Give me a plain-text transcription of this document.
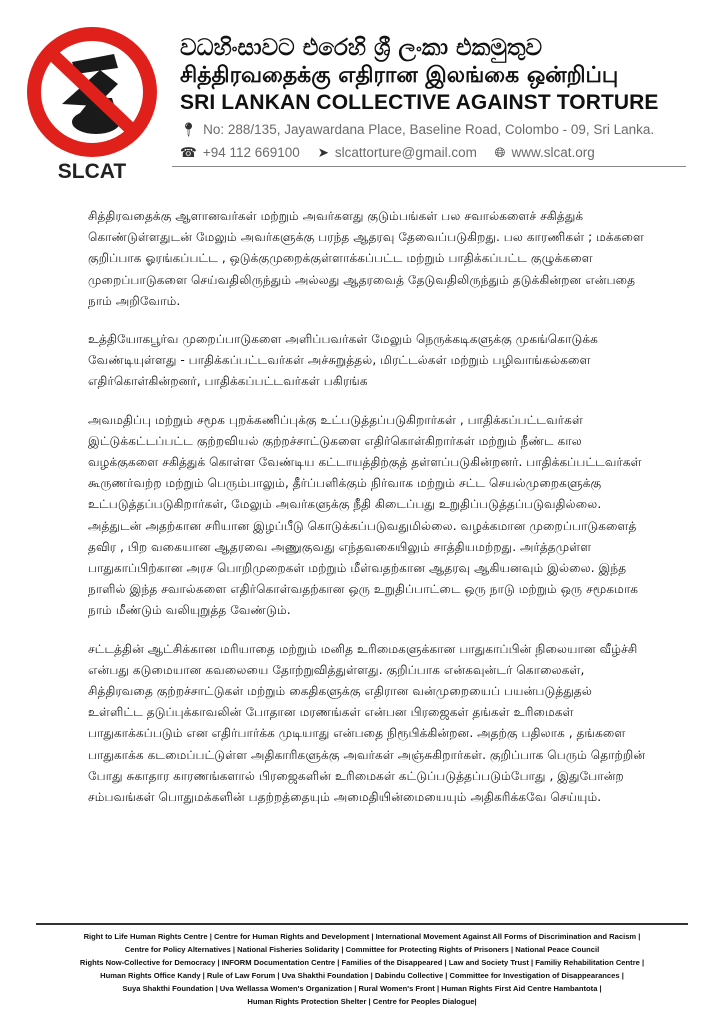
SLCAT
වධහිංසාවට එරෙහි ශ්‍රී ලංකා එකමුතුව
சித்திரவதைக்கு எதிரான இலங்கை ஒன்றிப்பு
SRI LANKAN COLLECTIVE AGAINST TORTURE
📍︎ No: 288/135, Jayawardana Place, Baseline Road, Colombo - 09, Sri Lanka.
☎ +94 112 669100 ➤ slcattorture@gmail.com 🌐︎ www.slcat.org

சித்திரவதைக்கு ஆளானவர்கள் மற்றும் அவர்களது குடும்பங்கள் பல சவால்களைச் சகித்துக் கொண்டுள்ளதுடன் மேலும் அவர்களுக்கு பரந்த ஆதரவு தேவைப்படுகிறது. பல காரணிகள் ; மக்களை குறிப்பாக ஓரங்கப்பட்ட , ஒடுக்குமுறைக்குள்ளாக்கப்பட்ட மற்றும் பாதிக்கப்பட்ட குழுக்களை முறைப்பாடுகளை செய்வதிலிருந்தும் அல்லது ஆதரவைத் தேடுவதிலிருந்தும் தடுக்கின்றன என்பதை நாம் அறிவோம்.

உத்தியோகபூர்வ முறைப்பாடுகளை அளிப்பவர்கள் மேலும் நெருக்கடிகளுக்கு முகங்கொடுக்க வேண்டியுள்ளது - பாதிக்கப்பட்டவர்கள் அச்சுறுத்தல், மிரட்டல்கள் மற்றும் பழிவாங்கல்களை எதிர்கொள்கின்றனர், பாதிக்கப்பட்டவர்கள் பகிரங்க

அவமதிப்பு மற்றும் சமூக புறக்கணிப்புக்கு உட்படுத்தப்படுகிறார்கள் , பாதிக்கப்பட்டவர்கள் இட்டுக்கட்டப்பட்ட குற்றவியல் குற்றச்சாட்டுகளை எதிர்கொள்கிறார்கள் மற்றும் நீண்ட கால வழக்குகளை சகித்துக் கொள்ள வேண்டிய கட்டாயத்திற்குத் தள்ளப்படுகின்றனர். பாதிக்கப்பட்டவர்கள் கூருணர்வற்ற மற்றும் பெரும்பாலும், தீர்ப்பளிக்கும் நிர்வாக மற்றும் சட்ட செயல்முறைகளுக்கு உட்படுத்தப்படுகிறார்கள், மேலும் அவர்களுக்கு நீதி கிடைப்பது உறுதிப்படுத்தப்படுவதில்லை. அத்துடன் அதற்கான சரியான இழப்பீடு கொடுக்கப்படுவதுமில்லை. வழக்கமான முறைப்பாடுகளைத் தவிர , பிற வகையான ஆதரவை அணுகுவது எந்தவகையிலும் சாத்தியமற்றது. அர்த்தமுள்ள பாதுகாப்பிற்கான அரச பொறிமுறைகள் மற்றும் மீள்வதற்கான ஆதரவு ஆகியனவும் இல்லை. இந்த நாளில் இந்த சவால்களை எதிர்கொள்வதற்கான ஒரு உறுதிப்பாட்டை ஒரு நாடு மற்றும் ஒரு சமூகமாக நாம் மீண்டும் வலியுறுத்த வேண்டும்.

சட்டத்தின் ஆட்சிக்கான மரியாதை மற்றும் மனித உரிமைகளுக்கான பாதுகாப்பின் நிலையான வீழ்ச்சி என்பது கடுமையான கவலையை தோற்றுவித்துள்ளது. குறிப்பாக என்கவுன்டர் கொலைகள், சித்திரவதை குற்றச்சாட்டுகள் மற்றும் கைதிகளுக்கு எதிரான வன்முறையைப் பயன்படுத்துதல் உள்ளிட்ட தடுப்புக்காவலின் போதான மரணங்கள் என்பன பிரஜைகள் தங்கள் உரிமைகள் பாதுகாக்கப்படும் என எதிர்பார்க்க முடியாது என்பதை நிரூபிக்கின்றன. அதற்கு பதிலாக , தங்களை பாதுகாக்க கடமைப்பட்டுள்ள அதிகாரிகளுக்கு அவர்கள் அஞ்சுகிறார்கள். குறிப்பாக பெரும் தொற்றின் போது சுகாதார காரணங்களால் பிரஜைகளின் உரிமைகள் கட்டுப்படுத்தப்படும்போது , இதுபோன்ற சம்பவங்கள் பொதுமக்களின் பதற்றத்தையும் அமைதியின்மையையும் அதிகரிக்கவே செய்யும்.

Right to Life Human Rights Centre | Centre for Human Rights and Development | International Movement Against All Forms of Discrimination and Racism |
Centre for Policy Alternatives | National Fisheries Solidarity | Committee for Protecting Rights of Prisoners | National Peace Council
Rights Now-Collective for Democracy | INFORM Documentation Centre | Families of the Disappeared | Law and Society Trust | Familiy Rehabilitation Centre |
Human Rights Office Kandy | Rule of Law Forum | Uva Shakthi Foundation | Dabindu Collective | Committee for Investigation of Disappearances |
Suya Shakthi Foundation | Uva Wellassa Women's Organization | Rural Women's Front | Human Rights First Aid Centre Hambantota |
Human Rights Protection Shelter | Centre for Peoples Dialogue|
